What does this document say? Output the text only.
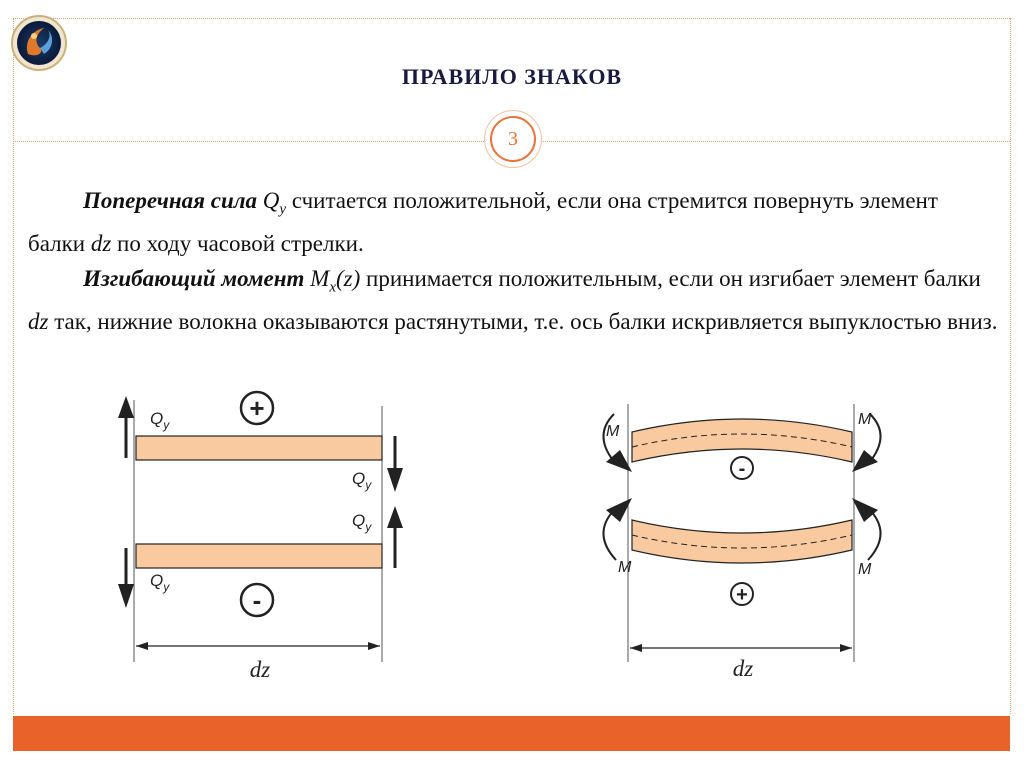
ПРАВИЛО ЗНАКОВ
3

Поперечная сила $Q_y$ считается положительной, если она стремится повернуть элемент балки dz по ходу часовой стрелки.

Изгибающий момент $M_x(z)$ принимается положительным, если он изгибает элемент балки dz так, нижние волокна оказываются растянутыми, т.е. ось балки искривляется выпуклостью вниз.

$Q_y$
$Q_y$
$Q_y$
$Q_y$
+
-
dz
-
+
M
M
M	M
dz
